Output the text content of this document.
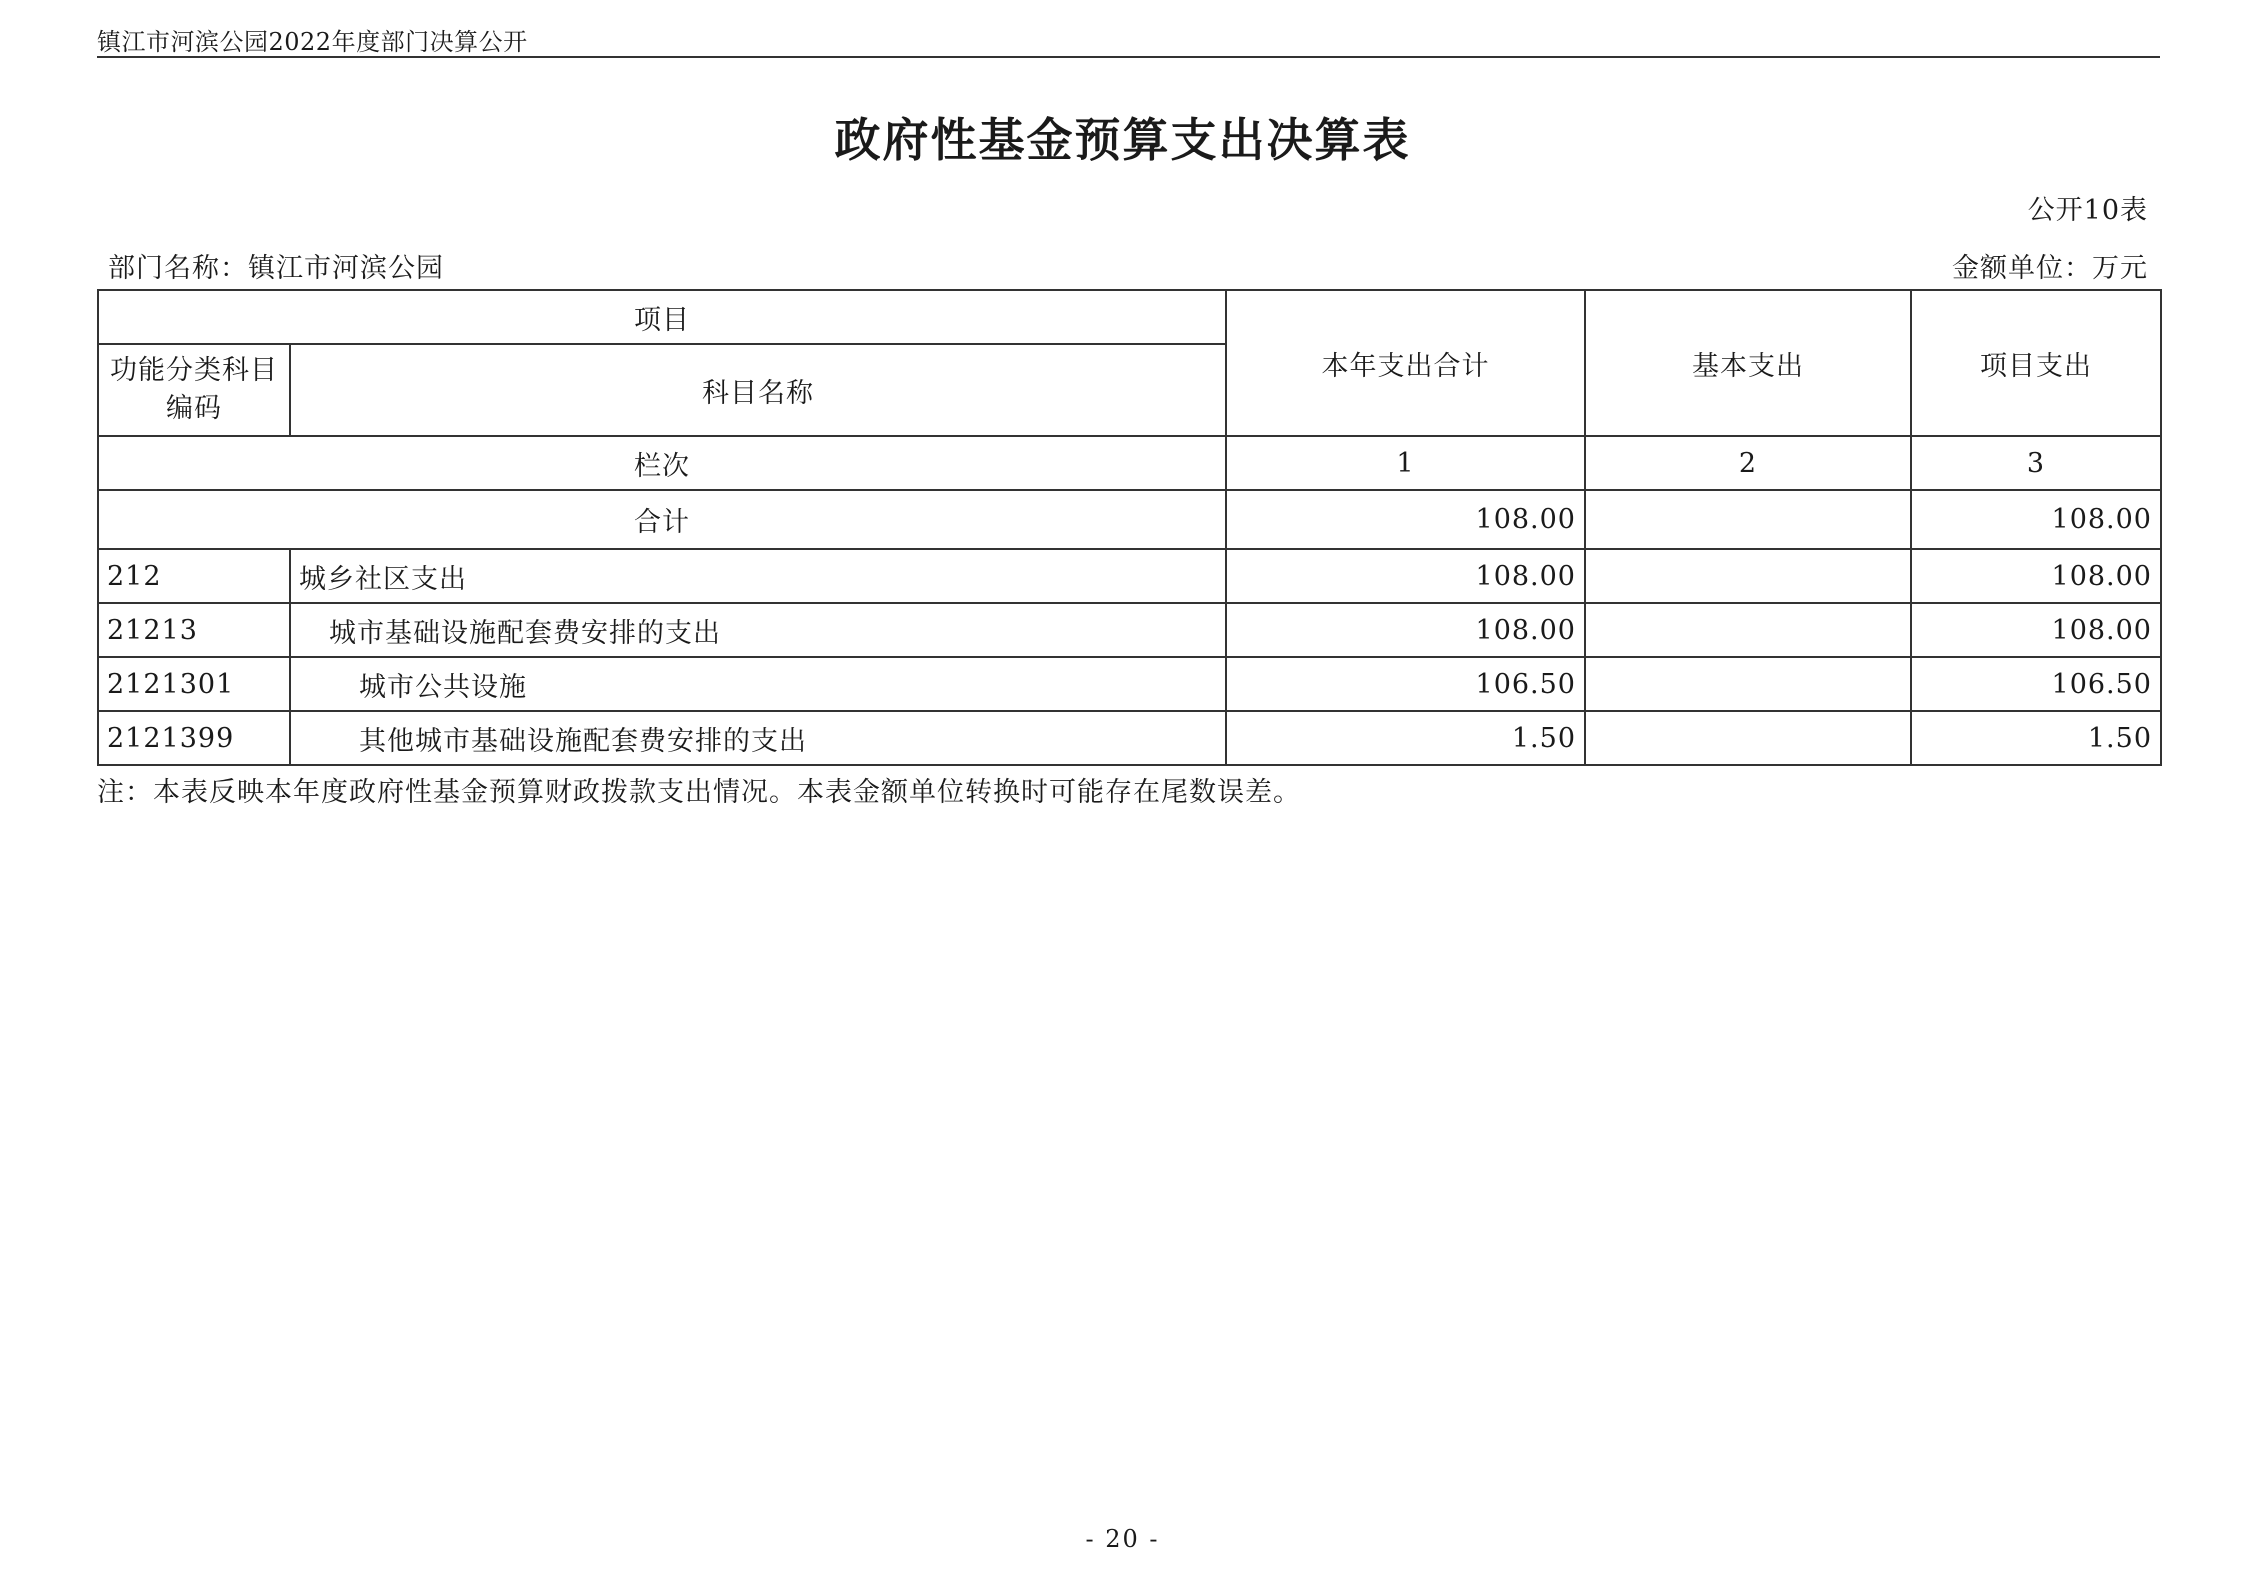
镇江市河滨公园2022年度部门决算公开
政府性基金预算支出决算表
公开10表
部门名称：镇江市河滨公园	金额单位：万元
项目		本年支出合计	基本支出	项目支出
功能分类科目编码	科目名称			
栏次		1	2	3
合计		108.00		108.00
212	城乡社区支出	108.00		108.00
21213	城市基础设施配套费安排的支出	108.00		108.00
2121301	城市公共设施	106.50		106.50
2121399	其他城市基础设施配套费安排的支出	1.50		1.50
注：本表反映本年度政府性基金预算财政拨款支出情况。本表金额单位转换时可能存在尾数误差。
- 20 -
